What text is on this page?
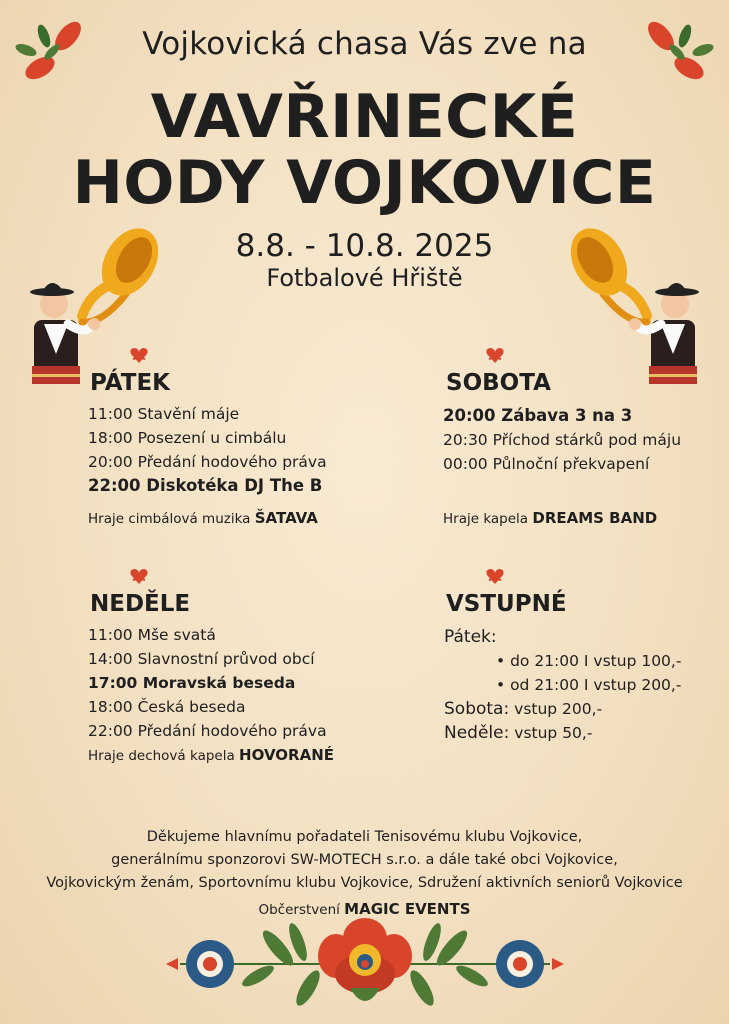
Vojkovická chasa Vás zve na
VAVŘINECKÉ
HODY VOJKOVICE
8.8. - 10.8. 2025
Fotbalové Hřiště
PÁTEK
11:00 Stavění máje
18:00 Posezení u cimbálu
20:00 Předání hodového práva
22:00 Diskotéka DJ The B
Hraje cimbálová muzika ŠATAVA
SOBOTA
20:00 Zábava 3 na 3
20:30 Příchod stárků pod máju
00:00 Půlnoční překvapení
Hraje kapela DREAMS BAND
NEDĚLE
11:00 Mše svatá
14:00 Slavnostní průvod obcí
17:00 Moravská beseda
18:00 Česká beseda
22:00 Předání hodového práva
Hraje dechová kapela HOVORANÉ
VSTUPNÉ
Pátek:
• do 21:00 I vstup 100,-
• od 21:00 I vstup 200,-
Sobota: vstup 200,-
Neděle: vstup 50,-
Děkujeme hlavnímu pořadateli Tenisovému klubu Vojkovice,
generálnímu sponzorovi SW-MOTECH s.r.o. a dále také obci Vojkovice,
Vojkovickým ženám, Sportovnímu klubu Vojkovice, Sdružení aktivních seniorů Vojkovice
Občerstvení MAGIC EVENTS
